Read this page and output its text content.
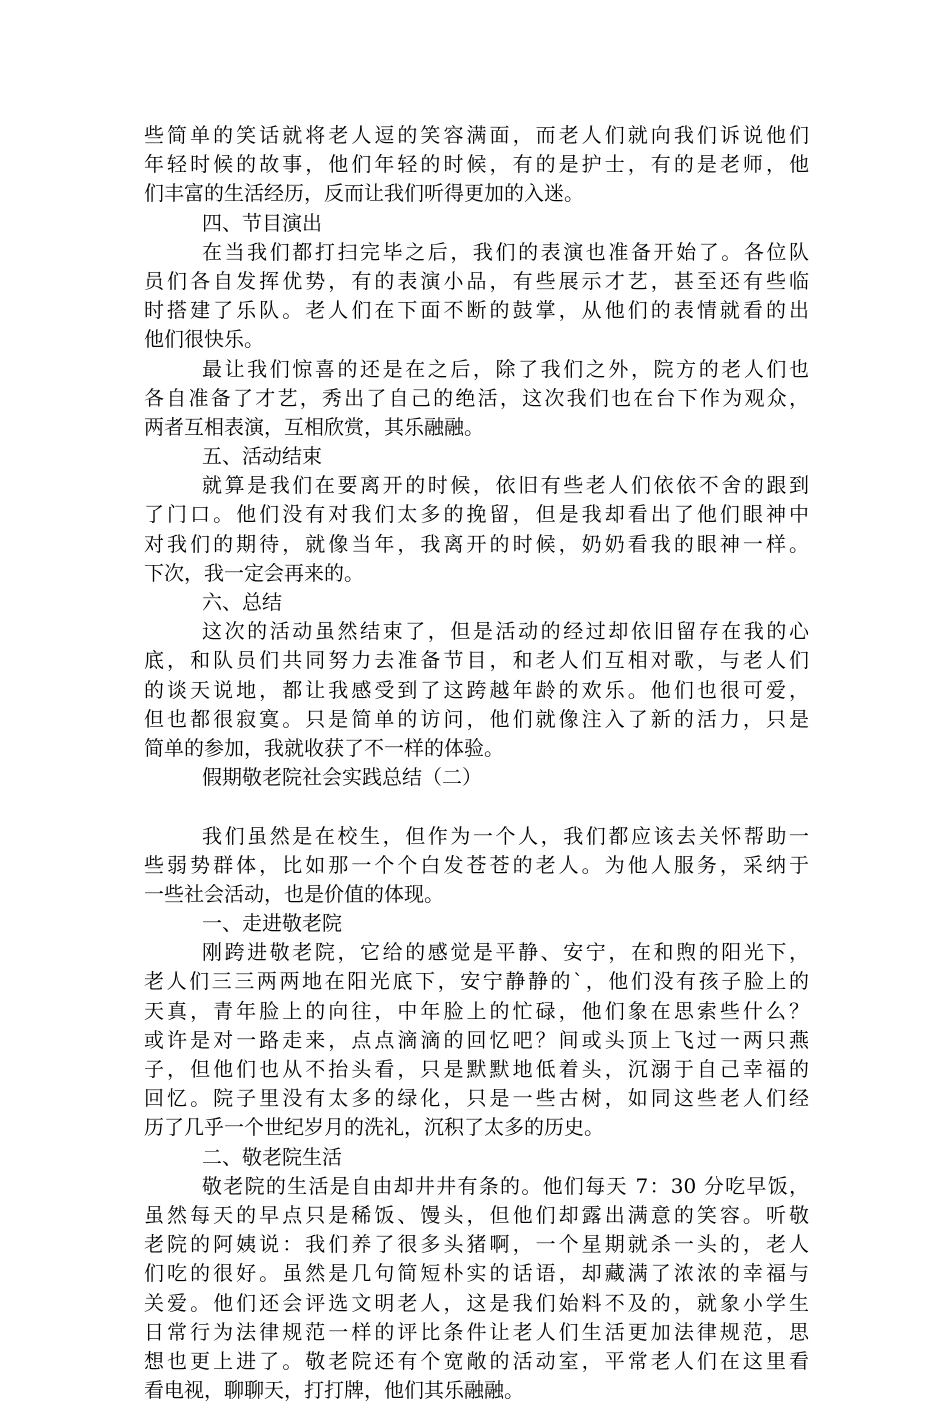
些简单的笑话就将老人逗的笑容满面，而老人们就向我们诉说他们
年轻时候的故事，他们年轻的时候，有的是护士，有的是老师，他
们丰富的生活经历，反而让我们听得更加的入迷。
四、节目演出
在当我们都打扫完毕之后，我们的表演也准备开始了。各位队
员们各自发挥优势，有的表演小品，有些展示才艺，甚至还有些临
时搭建了乐队。老人们在下面不断的鼓掌，从他们的表情就看的出
他们很快乐。
最让我们惊喜的还是在之后，除了我们之外，院方的老人们也
各自准备了才艺，秀出了自己的绝活，这次我们也在台下作为观众，
两者互相表演，互相欣赏，其乐融融。
五、活动结束
就算是我们在要离开的时候，依旧有些老人们依依不舍的跟到
了门口。他们没有对我们太多的挽留，但是我却看出了他们眼神中
对我们的期待，就像当年，我离开的时候，奶奶看我的眼神一样。
下次，我一定会再来的。
六、总结
这次的活动虽然结束了，但是活动的经过却依旧留存在我的心
底，和队员们共同努力去准备节目，和老人们互相对歌，与老人们
的谈天说地，都让我感受到了这跨越年龄的欢乐。他们也很可爱，
但也都很寂寞。只是简单的访问，他们就像注入了新的活力，只是
简单的参加，我就收获了不一样的体验。
假期敬老院社会实践总结（二）
我们虽然是在校生，但作为一个人，我们都应该去关怀帮助一
些弱势群体，比如那一个个白发苍苍的老人。为他人服务，采纳于
一些社会活动，也是价值的体现。
一、走进敬老院
刚跨进敬老院，它给的感觉是平静、安宁，在和煦的阳光下，
老人们三三两两地在阳光底下，安宁静静的`，他们没有孩子脸上的
天真，青年脸上的向往，中年脸上的忙碌，他们象在思索些什么？
或许是对一路走来，点点滴滴的回忆吧？间或头顶上飞过一两只燕
子，但他们也从不抬头看，只是默默地低着头，沉溺于自己幸福的
回忆。院子里没有太多的绿化，只是一些古树，如同这些老人们经
历了几乎一个世纪岁月的洗礼，沉积了太多的历史。
二、敬老院生活
敬老院的生活是自由却井井有条的。他们每天 7：30 分吃早饭，
虽然每天的早点只是稀饭、馒头，但他们却露出满意的笑容。听敬
老院的阿姨说：我们养了很多头猪啊，一个星期就杀一头的，老人
们吃的很好。虽然是几句简短朴实的话语，却藏满了浓浓的幸福与
关爱。他们还会评选文明老人，这是我们始料不及的，就象小学生
日常行为法律规范一样的评比条件让老人们生活更加法律规范，思
想也更上进了。敬老院还有个宽敞的活动室，平常老人们在这里看
看电视，聊聊天，打打牌，他们其乐融融。
